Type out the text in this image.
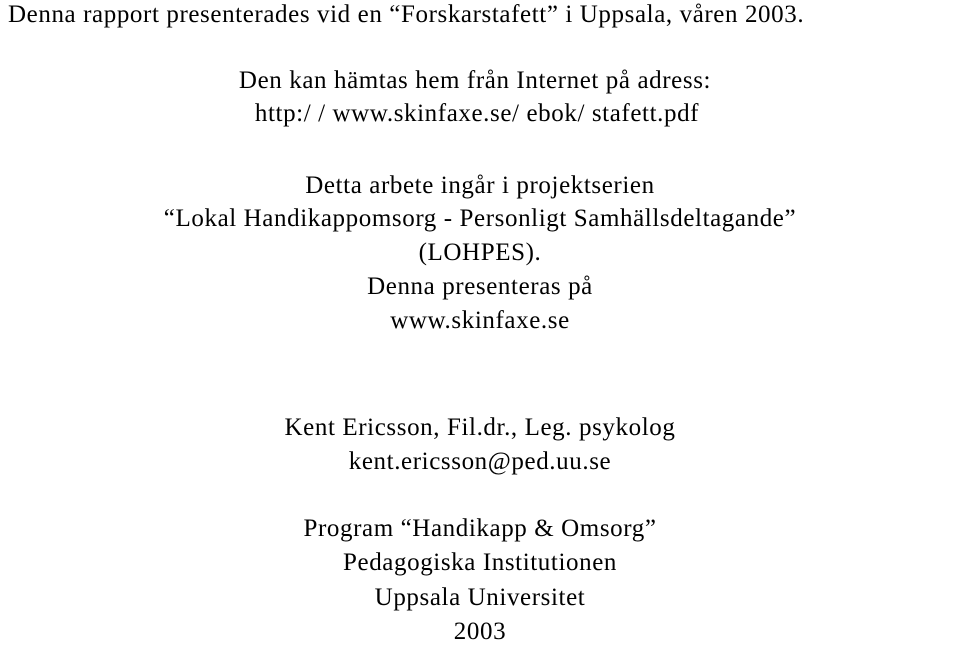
Denna rapport presenterades vid en “Forskarstafett” i Uppsala, våren 2003.
Den kan hämtas hem från Internet på adress:
http:/ / www.skinfaxe.se/ ebok/ stafett.pdf
Detta arbete ingår i projektserien
“Lokal Handikappomsorg - Personligt Samhällsdeltagande”
(LOHPES).
Denna presenteras på
www.skinfaxe.se
Kent Ericsson, Fil.dr., Leg. psykolog
kent.ericsson@ped.uu.se
Program “Handikapp & Omsorg”
Pedagogiska Institutionen
Uppsala Universitet
2003
